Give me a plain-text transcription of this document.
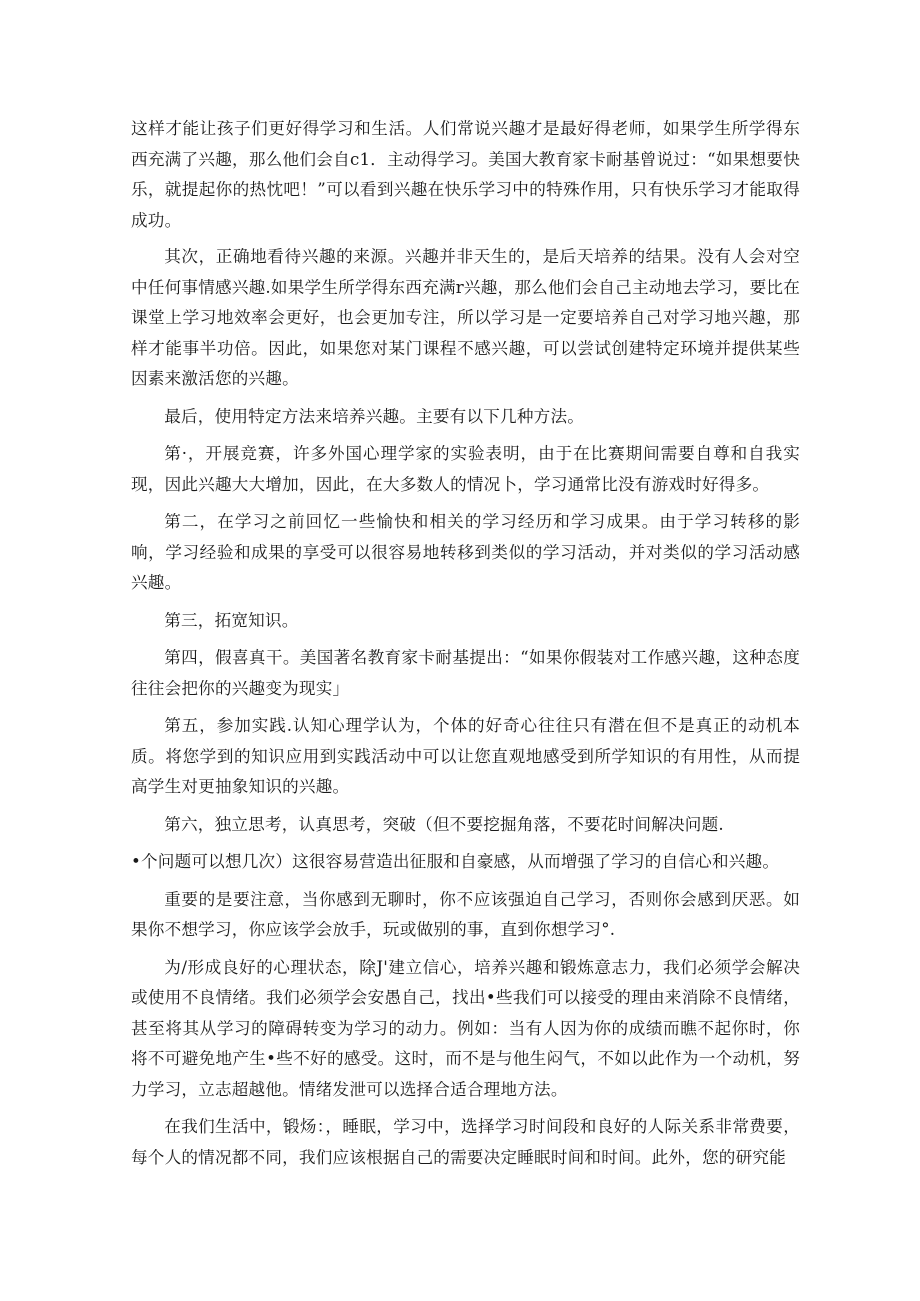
这样才能让孩子们更好得学习和生活。人们常说兴趣才是最好得老师，如果学生所学得东西充满了兴趣，那么他们会自c1．主动得学习。美国大教育家卡耐基曾说过：“如果想要快乐，就提起你的热忱吧！”可以看到兴趣在快乐学习中的特殊作用，只有快乐学习才能取得成功。

其次，正确地看待兴趣的来源。兴趣并非天生的，是后天培养的结果。没有人会对空中任何事情感兴趣.如果学生所学得东西充满r兴趣，那么他们会自己主动地去学习，要比在课堂上学习地效率会更好，也会更加专注，所以学习是一定要培养自己对学习地兴趣，那样才能事半功倍。因此，如果您对某门课程不感兴趣，可以尝试创建特定环境并提供某些因素来激活您的兴趣。

最后，使用特定方法来培养兴趣。主要有以下几种方法。

第·，开展竞赛，许多外国心理学家的实验表明，由于在比赛期间需要自尊和自我实现，因此兴趣大大增加，因此，在大多数人的情况卜，学习通常比没有游戏时好得多。

第二，在学习之前回忆一些愉快和相关的学习经历和学习成果。由于学习转移的影响，学习经验和成果的享受可以很容易地转移到类似的学习活动，并对类似的学习活动感兴趣。

第三，拓宽知识。

第四，假喜真干。美国著名教育家卡耐基提出：“如果你假装对工作感兴趣，这种态度往往会把你的兴趣变为现实」

第五，参加实践.认知心理学认为，个体的好奇心往往只有潜在但不是真正的动机本质。将您学到的知识应用到实践活动中可以让您直观地感受到所学知识的有用性，从而提高学生对更抽象知识的兴趣。

第六，独立思考，认真思考，突破（但不要挖掘角落，不要花时间解决问题.

•个问题可以想几次）这很容易营造出征服和自豪感，从而增强了学习的自信心和兴趣。

重要的是要注意，当你感到无聊时，你不应该强迫自己学习，否则你会感到厌恶。如果你不想学习，你应该学会放手，玩或做别的事，直到你想学习°.

为/形成良好的心理状态，除J'建立信心，培养兴趣和锻炼意志力，我们必须学会解决或使用不良情绪。我们必须学会安愚自己，找出•些我们可以接受的理由来消除不良情绪，甚至将其从学习的障碍转变为学习的动力。例如：当有人因为你的成绩而瞧不起你时，你将不可避免地产生•些不好的感受。这时，而不是与他生闷气，不如以此作为一个动机，努力学习，立志超越他。情绪发泄可以选择合适合理地方法。

在我们生活中，锻炀：，睡眠，学习中，选择学习时间段和良好的人际关系非常费要，每个人的情况都不同，我们应该根据自己的需要决定睡眠时间和时间。此外，您的研究能
